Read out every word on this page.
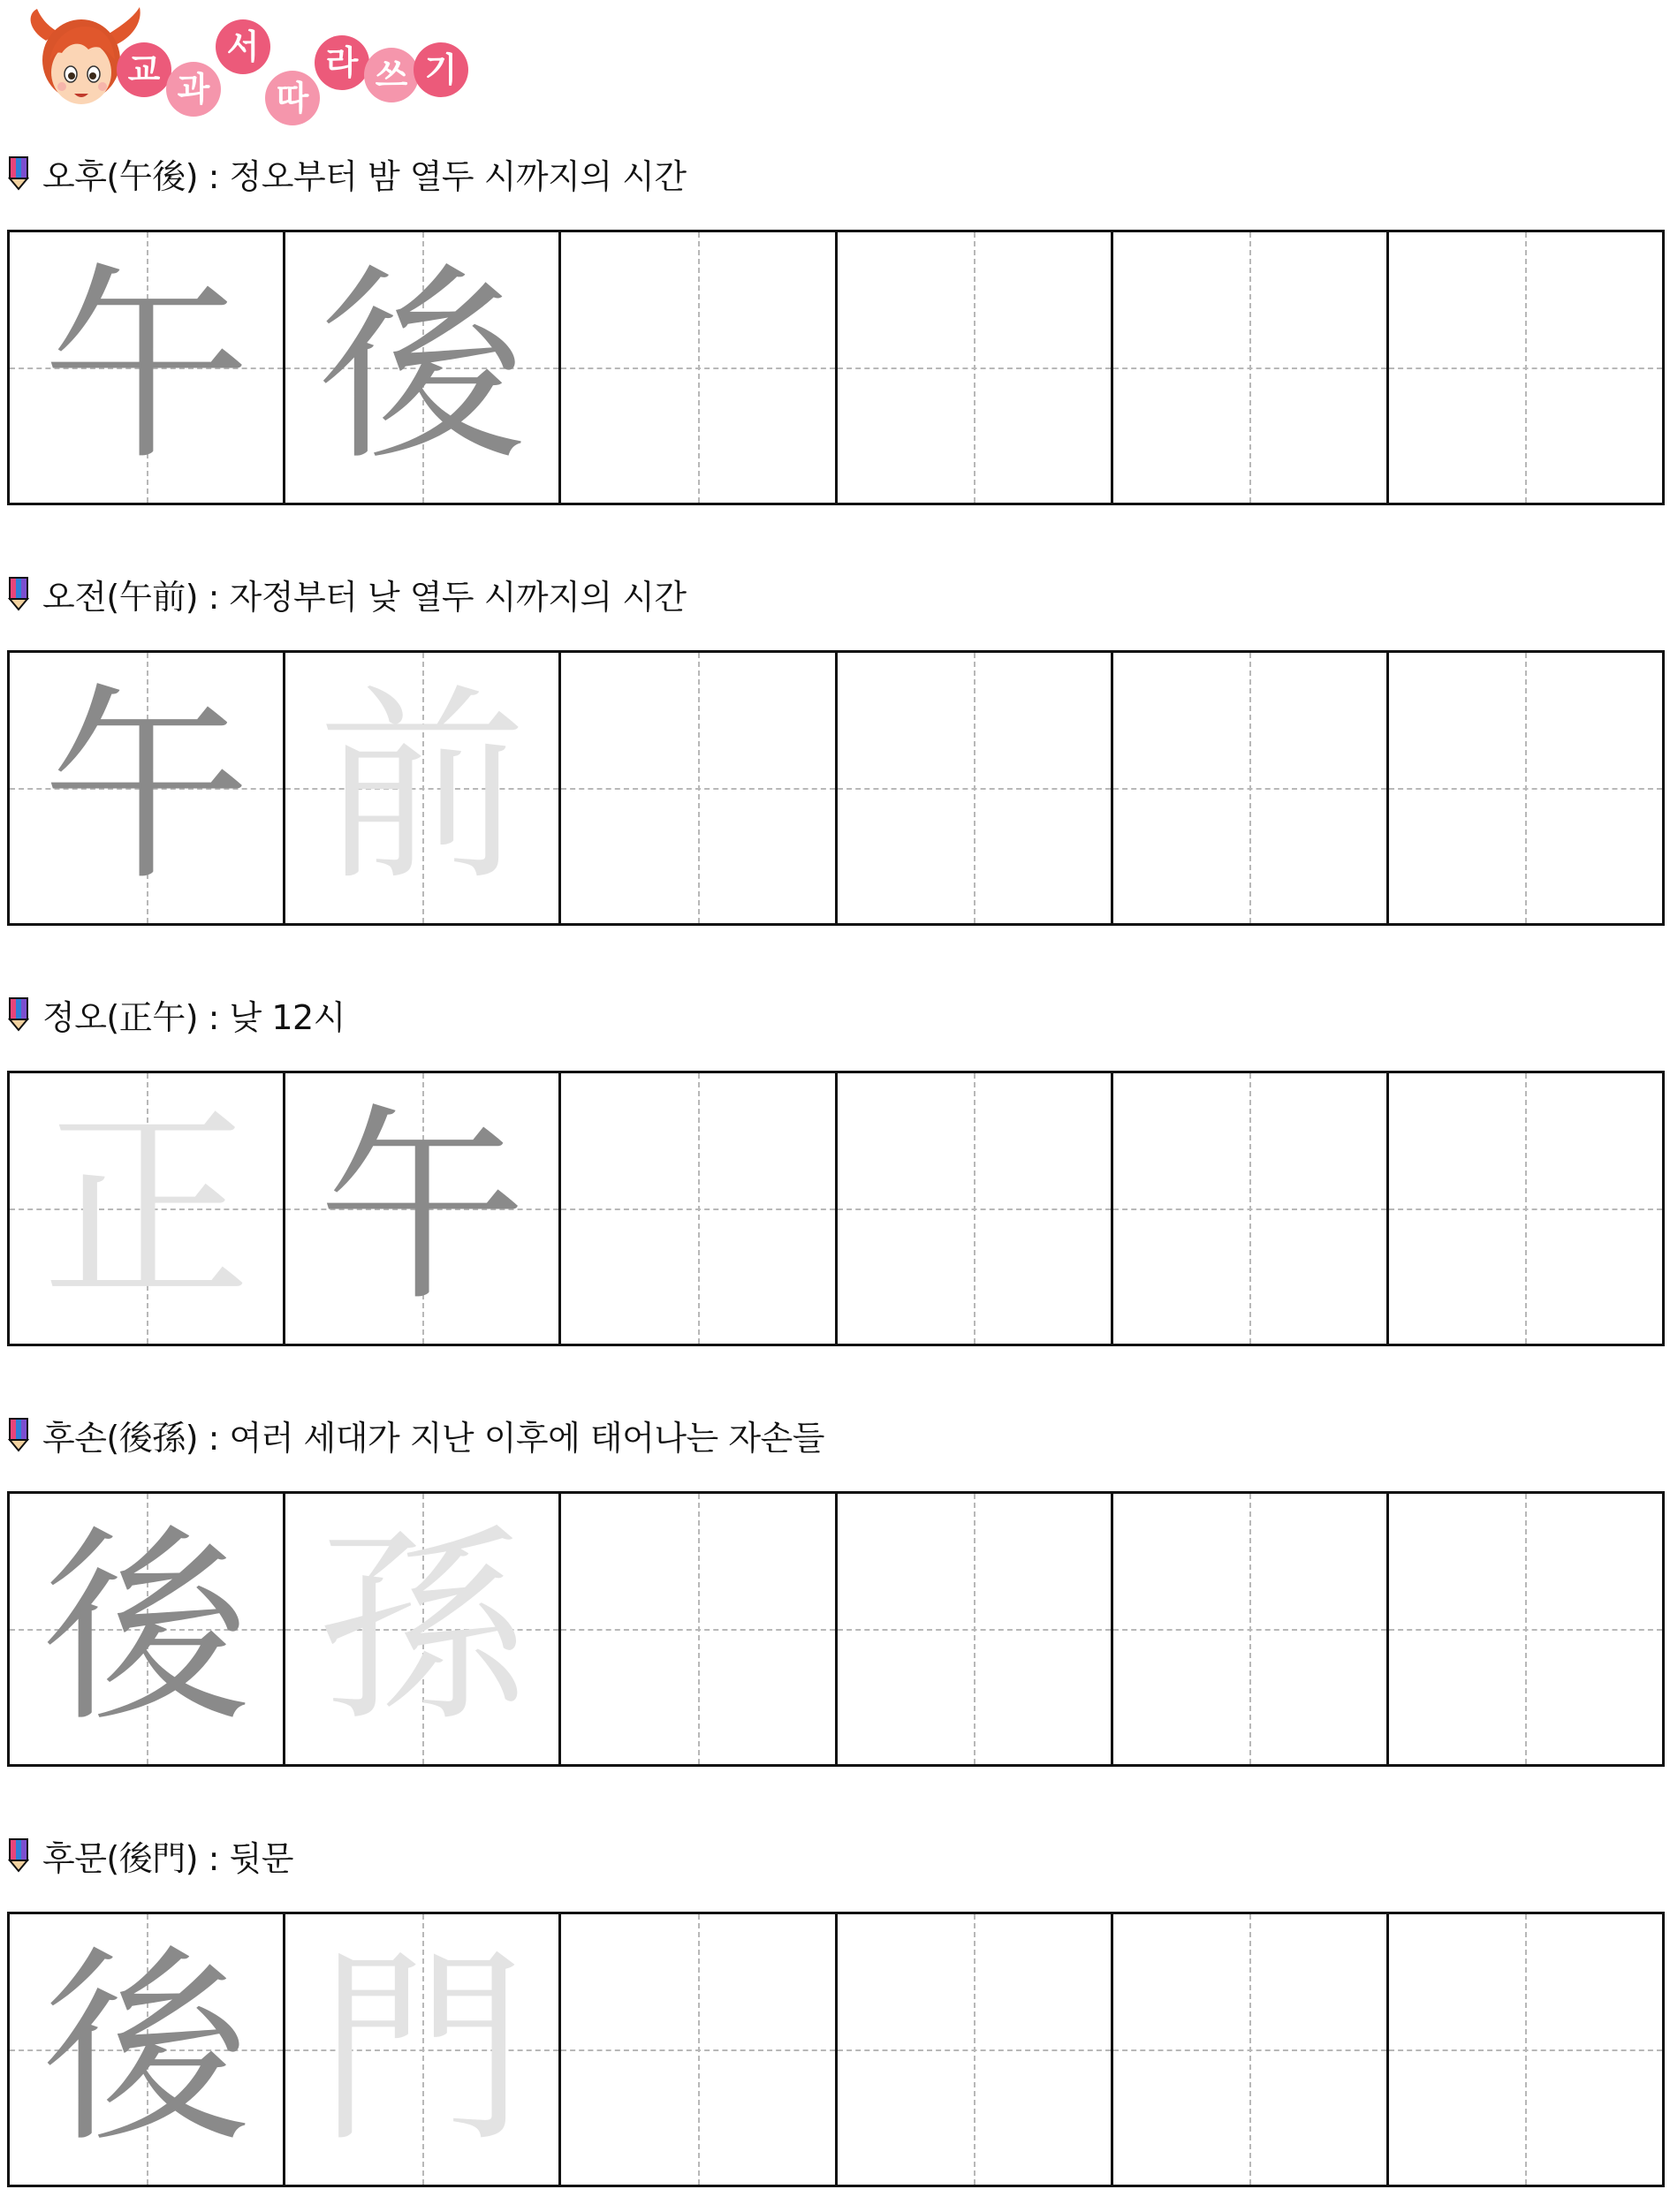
교 과
서
따
라 쓰 기
오후(午後) : 정오부터 밤 열두 시까지의 시간
午 後
오전(午前) : 자정부터 낮 열두 시까지의 시간
午 前
정오(正午) : 낮 12시
正 午
후손(後孫) : 여러 세대가 지난 이후에 태어나는 자손들
後 孫
후문(後門) : 뒷문
後 門
